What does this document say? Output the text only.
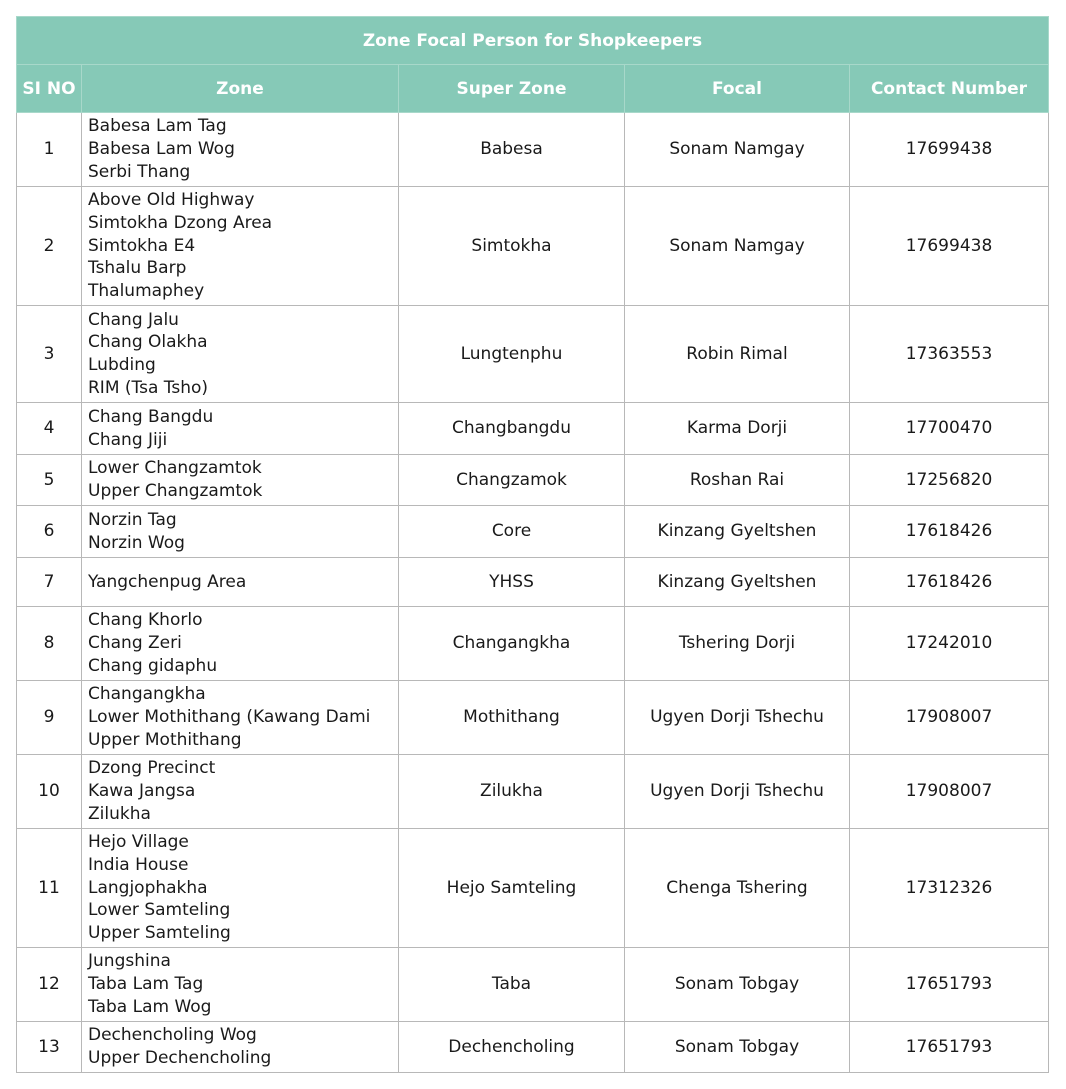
Zone Focal Person for Shopkeepers				
SI NO	Zone	Super Zone	Focal	Contact Number
1	Babesa Lam Tag
Babesa Lam Wog
Serbi Thang	Babesa	Sonam Namgay	17699438
2	Above Old Highway
Simtokha Dzong Area
Simtokha E4
Tshalu Barp
Thalumaphey	Simtokha	Sonam Namgay	17699438
3	Chang Jalu
Chang Olakha
Lubding
RIM (Tsa Tsho)	Lungtenphu	Robin Rimal	17363553
4	Chang Bangdu
Chang Jiji	Changbangdu	Karma Dorji	17700470
5	Lower Changzamtok
Upper Changzamtok	Changzamok	Roshan Rai	17256820
6	Norzin Tag
Norzin Wog	Core	Kinzang Gyeltshen	17618426
7	Yangchenpug Area	YHSS	Kinzang Gyeltshen	17618426
8	Chang Khorlo
Chang Zeri
Chang gidaphu	Changangkha	Tshering Dorji	17242010
9	Changangkha
Lower Mothithang (Kawang Dami
Upper Mothithang	Mothithang	Ugyen Dorji Tshechu	17908007
10	Dzong Precinct
Kawa Jangsa
Zilukha	Zilukha	Ugyen Dorji Tshechu	17908007
11	Hejo Village
India House
Langjophakha
Lower Samteling
Upper Samteling	Hejo Samteling	Chenga Tshering	17312326
12	Jungshina
Taba Lam Tag
Taba Lam Wog	Taba	Sonam Tobgay	17651793
13	Dechencholing Wog
Upper Dechencholing	Dechencholing	Sonam Tobgay	17651793
